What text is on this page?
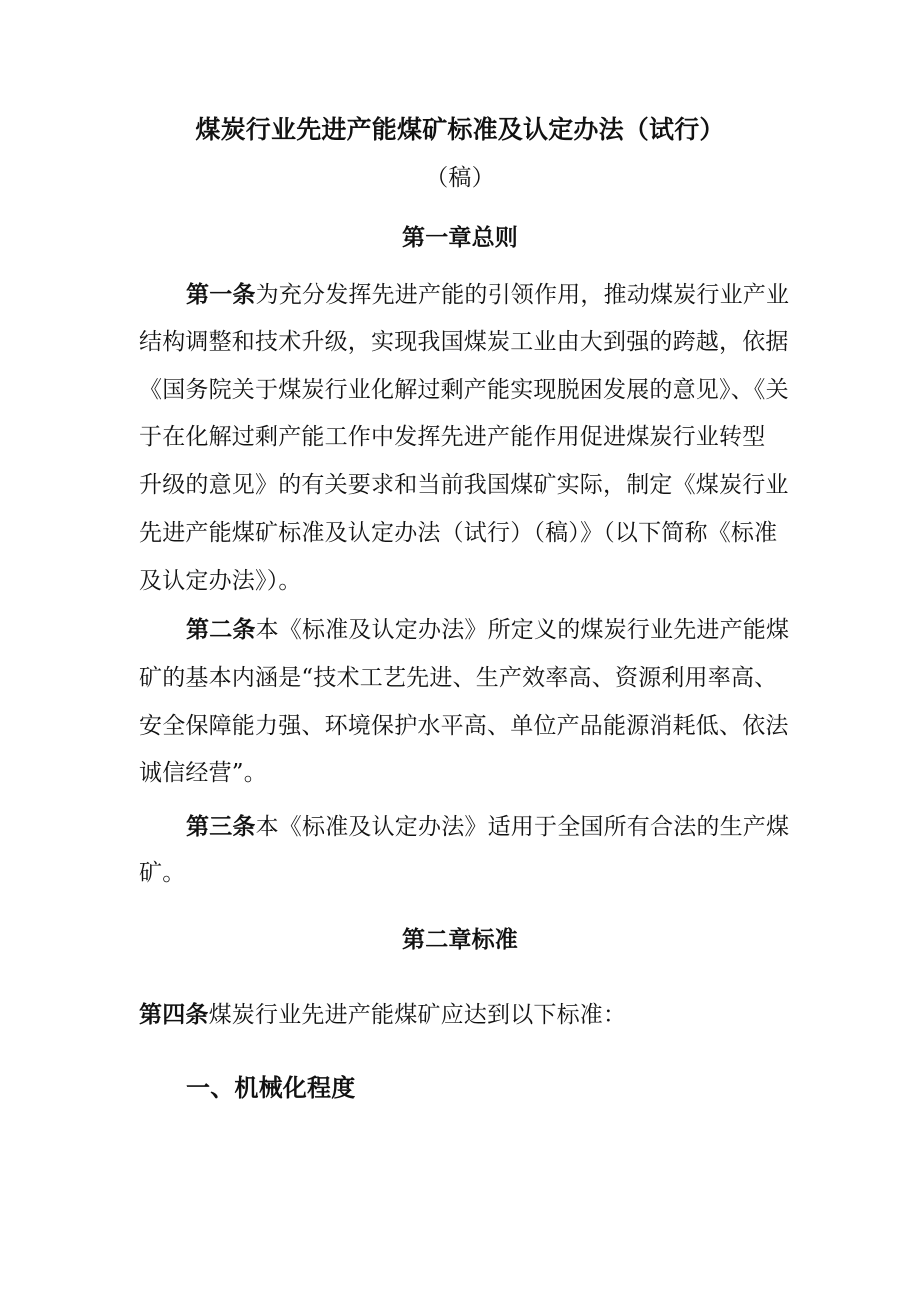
煤炭行业先进产能煤矿标准及认定办法（试行）
（稿）
第一章总则
第一条为充分发挥先进产能的引领作用，推动煤炭行业产业
结构调整和技术升级，实现我国煤炭工业由大到强的跨越，依据
《国务院关于煤炭行业化解过剩产能实现脱困发展的意见》、《关
于在化解过剩产能工作中发挥先进产能作用促进煤炭行业转型
升级的意见》的有关要求和当前我国煤矿实际，制定《煤炭行业
先进产能煤矿标准及认定办法（试行）（稿）》（以下简称《标准
及认定办法》）。
第二条本《标准及认定办法》所定义的煤炭行业先进产能煤
矿的基本内涵是“技术工艺先进、生产效率高、资源利用率高、
安全保障能力强、环境保护水平高、单位产品能源消耗低、依法
诚信经营”。
第三条本《标准及认定办法》适用于全国所有合法的生产煤
矿。
第二章标准
第四条煤炭行业先进产能煤矿应达到以下标准：
一、机械化程度
